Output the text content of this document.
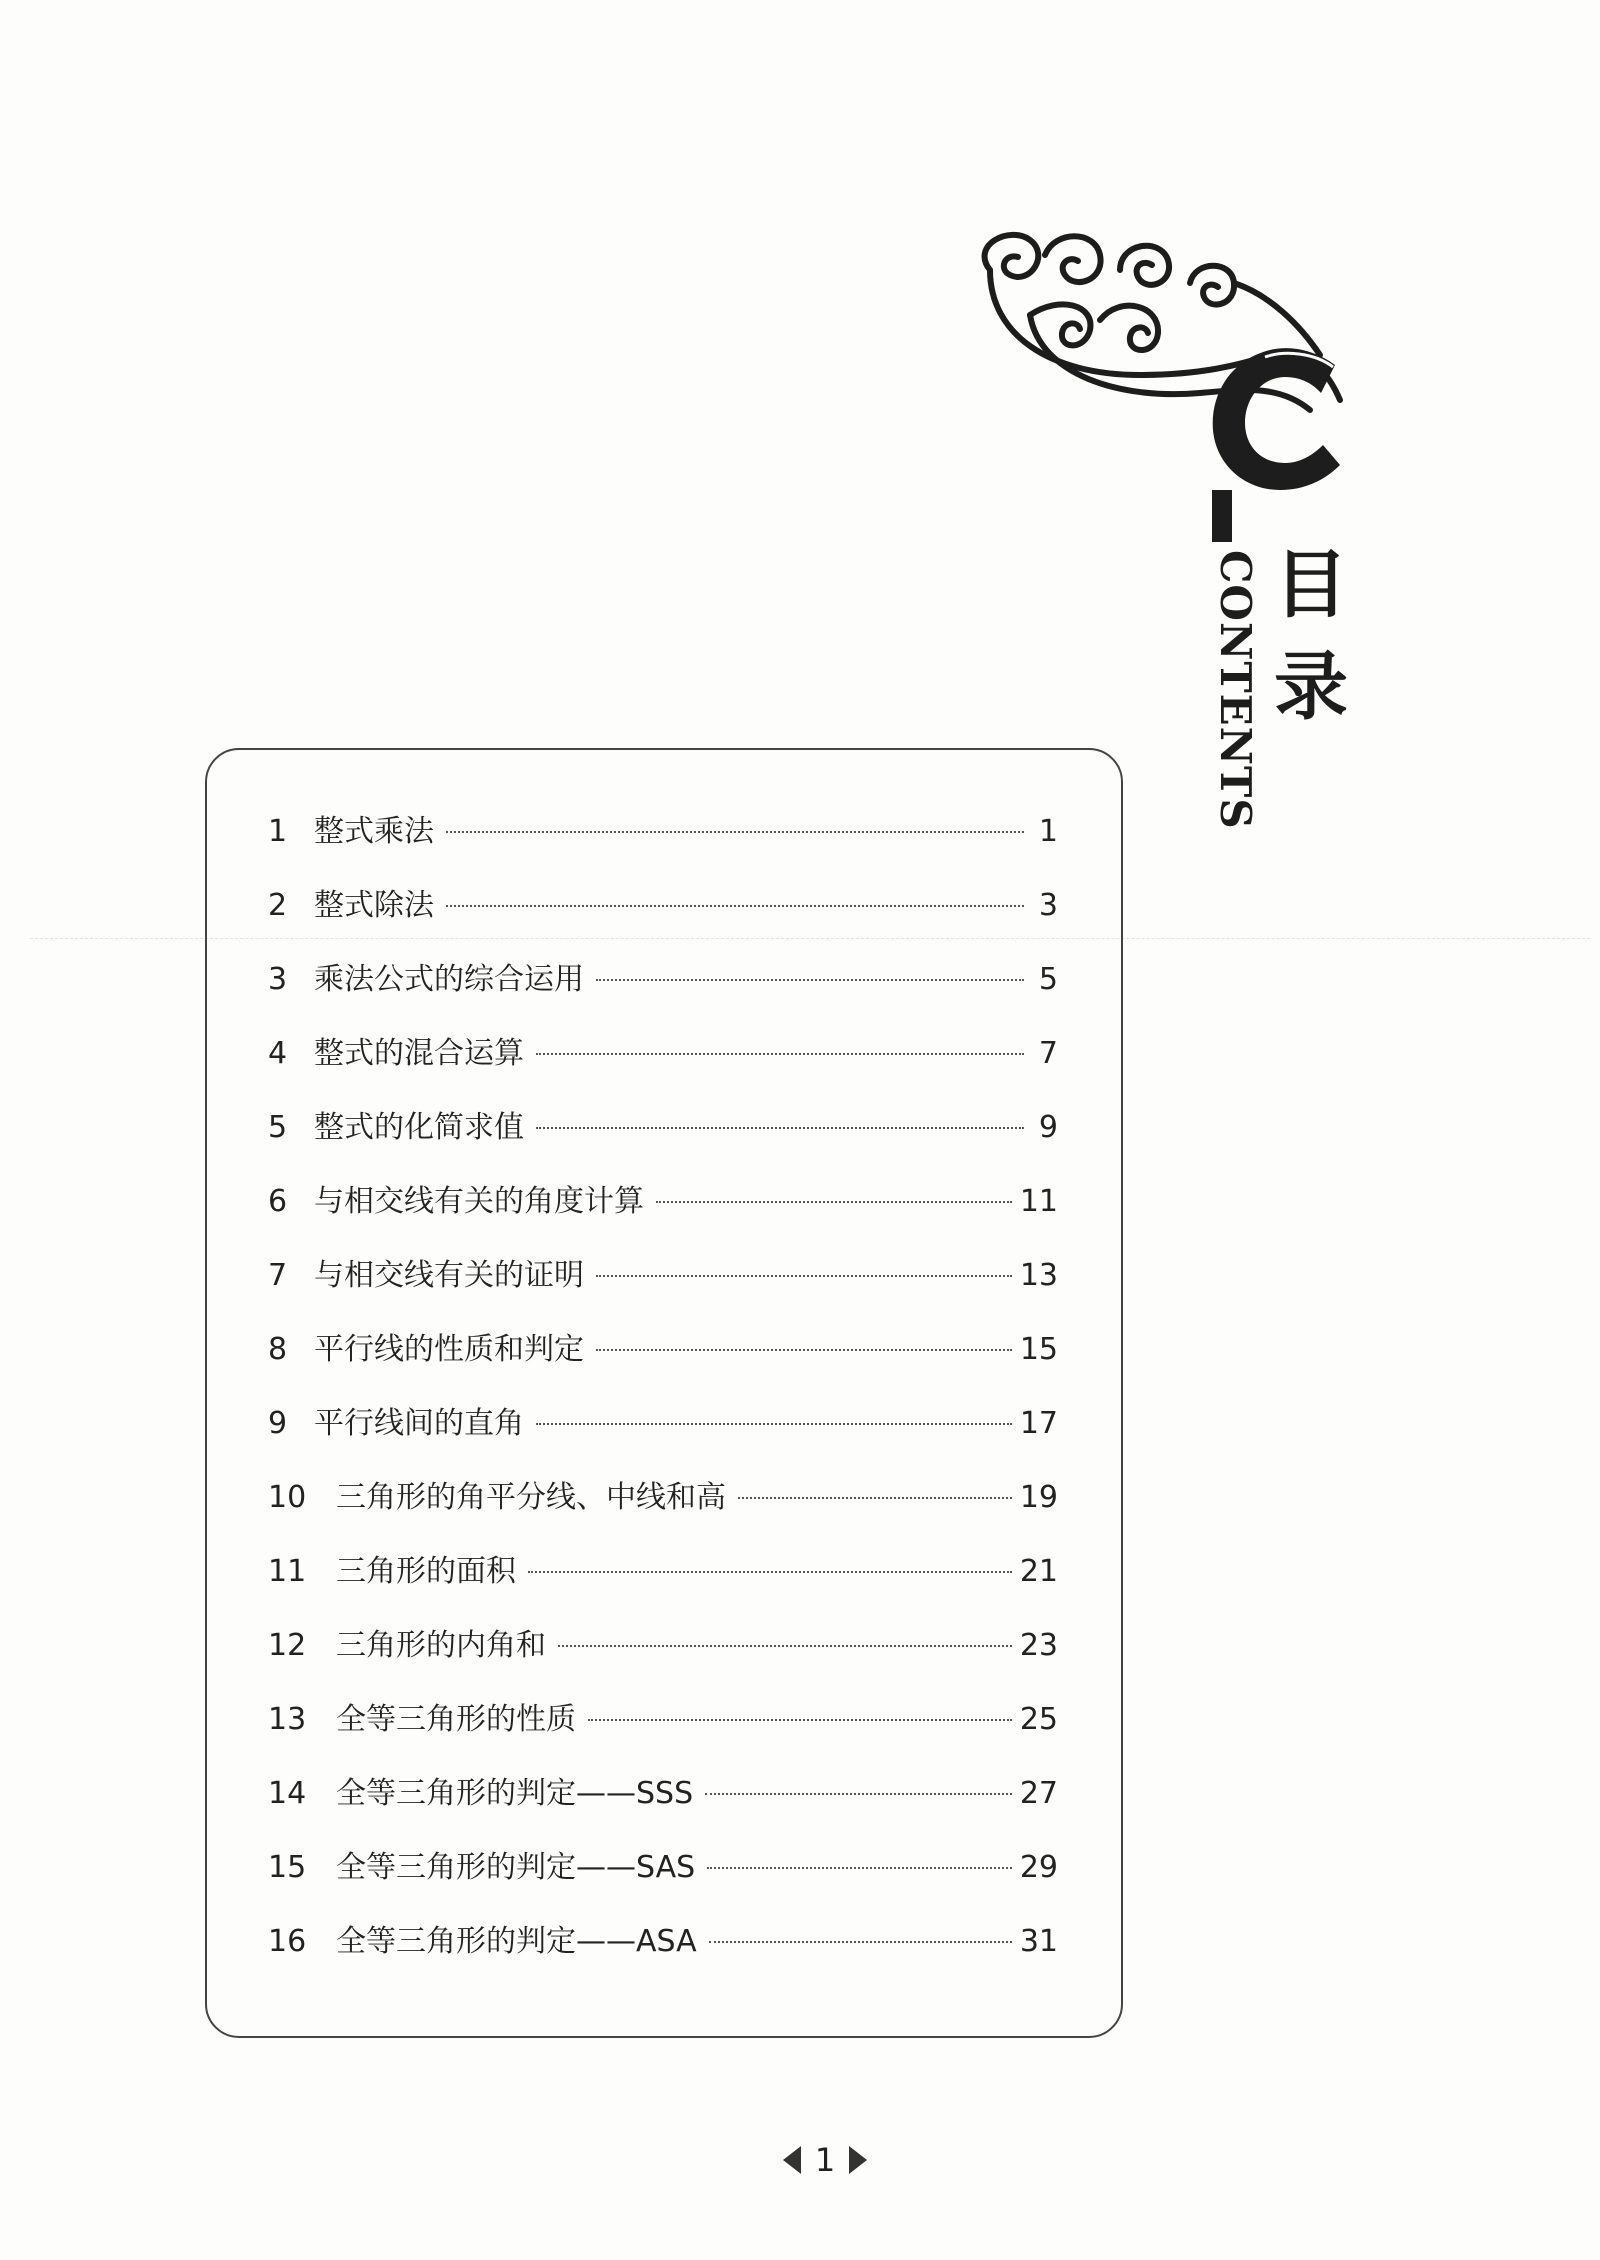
CONTENTS 目录
1 整式乘法	1
2 整式除法	3
3 乘法公式的综合运用	5
4 整式的混合运算	7
5 整式的化简求值	9
6 与相交线有关的角度计算	11
7 与相交线有关的证明	13
8 平行线的性质和判定	15
9 平行线间的直角	17
10 三角形的角平分线、中线和高	19
11 三角形的面积	21
12 三角形的内角和	23
13 全等三角形的性质	25
14 全等三角形的判定——SSS	27
15 全等三角形的判定——SAS	29
16 全等三角形的判定——ASA	31
1
